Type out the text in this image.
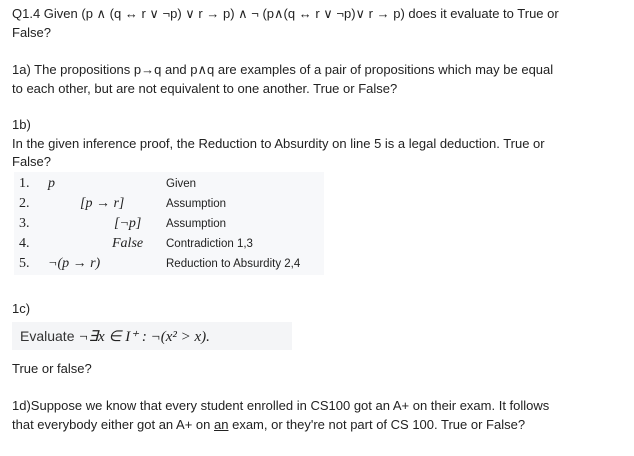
Q1.4 Given (p ∧ (q ↔ r ∨ ¬p) ∨ r → p) ∧ ¬ (p∧(q ↔ r ∨ ¬p)∨ r → p) does it evaluate to True or
False?
1a) The propositions p→q and p∧q are examples of a pair of propositions which may be equal
to each other, but are not equivalent to one another. True or False?
1b)
In the given inference proof, the Reduction to Absurdity on line 5 is a legal deduction. True or
False?
1. p	Given
2.	[p → r]	Assumption
3.	[¬p] Assumption
4.	False Contradiction 1,3
5. ¬(p → r)	Reduction to Absurdity 2,4
1c)
Evaluate ¬∃x ∈ I⁺ : ¬(x² > x).
True or false?
1d)Suppose we know that every student enrolled in CS100 got an A+ on their exam. It follows
that everybody either got an A+ on an exam, or they're not part of CS 100. True or False?
